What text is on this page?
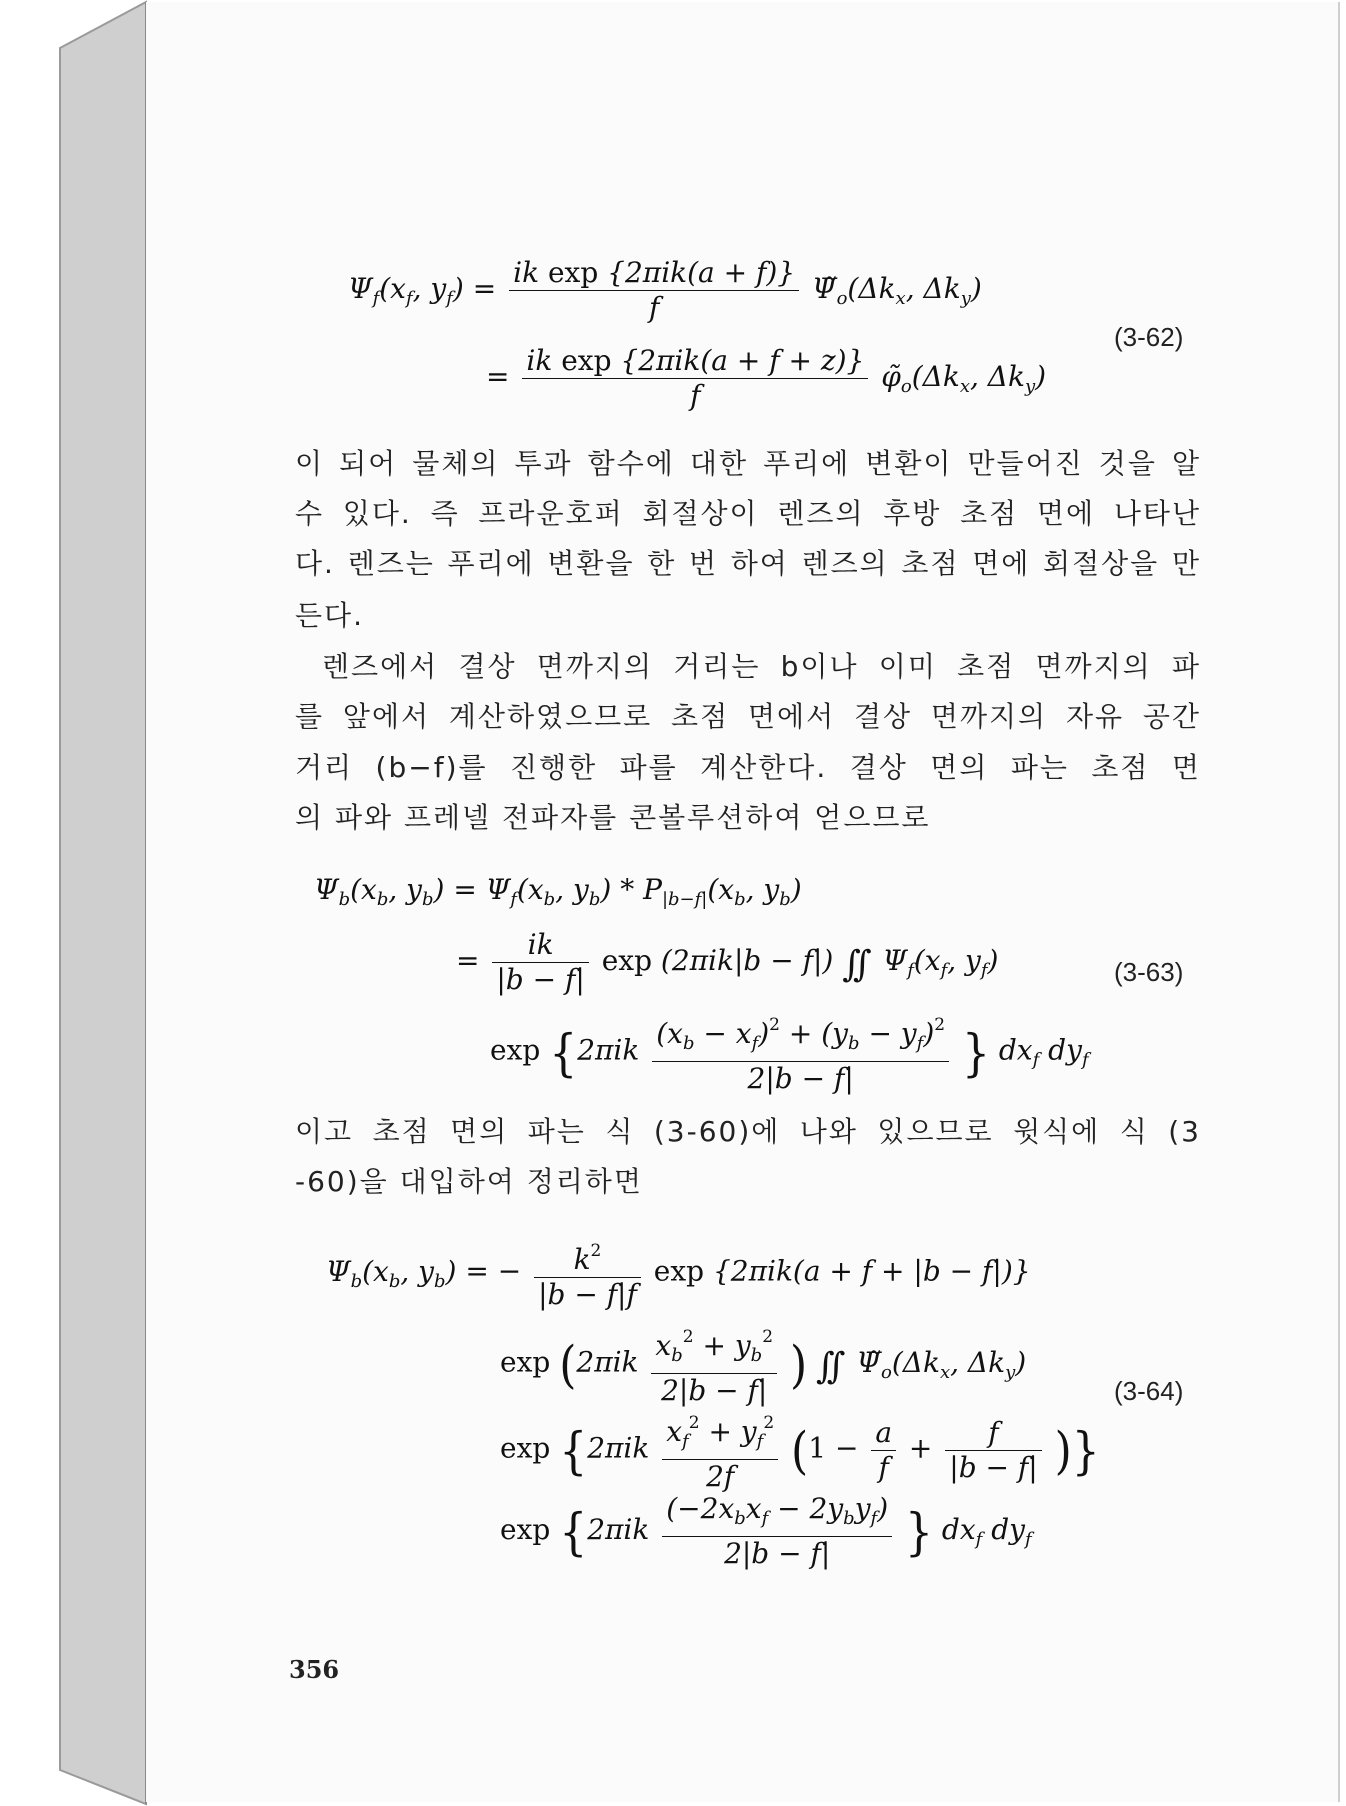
$\Psi_f(x_f$, $y_f) = \frac{\text{ik exp \{2πik(a + f)\}}}{f}$ $\Psĩ_o(\Delta k_x$, $\Delta k_y$)
= $\frac{\text{ik exp \{2πik(a + f + z)\}}}{f}$ $\varphĩ_o(\Delta k_x$, $\Delta k_y$)
(3-62)

이 되어 물체의 투과 함수에 대한 푸리에 변환이 만들어진 것을 알

수 있다. 즉 프라운호퍼 회절상이 렌즈의 후방 초점 면에 나타난

다. 렌즈는 푸리에 변환을 한 번 하여 렌즈의 초점 면에 회절상을 만

든다.

렌즈에서 결상 면까지의 거리는 b이나 이미 초점 면까지의 파

를 앞에서 계산하였으므로 초점 면에서 결상 면까지의 자유 공간

거리 (b−f)를 진행한 파를 계산한다. 결상 면의 파는 초점 면

의 파와 프레넬 전파자를 콘볼루션하여 얻으므로

$\Psi_b(x_b$, $y_b) = \Psi_f(x_b$, $y_b) * P_{|b-f|}(x_b$, $y_b$)
= $\frac{ik}{|b - f|}$ exp (2πik|b − f|) ∫∫ $\Psi_f(x_f$, $y_f$)
$\exp \{2\pi ik \frac{(x_b - x_f)^2 + (y_b - y_f)^2}{2|b - f|}$ } $dx_f$ $dy_f$
(3-63)

이고 초점 면의 파는 식 (3-60)에 나와 있으므로 윗식에 식 (3

-60)을 대입하여 정리하면

$\Psi_b(x_b$, $y_b$) = − $\frac{k^2}{|b - f|f}$ exp {2πik(a + f + |b − f|)}
$\exp (2\pi ik \frac{x_b^2 + y_b^2}{2|b - f|}$ ) ∫∫ $\Psĩ_o(\Delta k_x$, $\Delta k_y$)
$\exp \{2\pi ik \frac{x_f^2 + y_f^2}{2f} (1 - \frac{a}{f} + \frac{f}{|b - f|}$ )}
$\exp \{2\pi ik \frac{(-2x_bx_f - 2y_by_f)}{2|b - f|}$ } $dx_f$ $dy_f$
(3-64)
356
